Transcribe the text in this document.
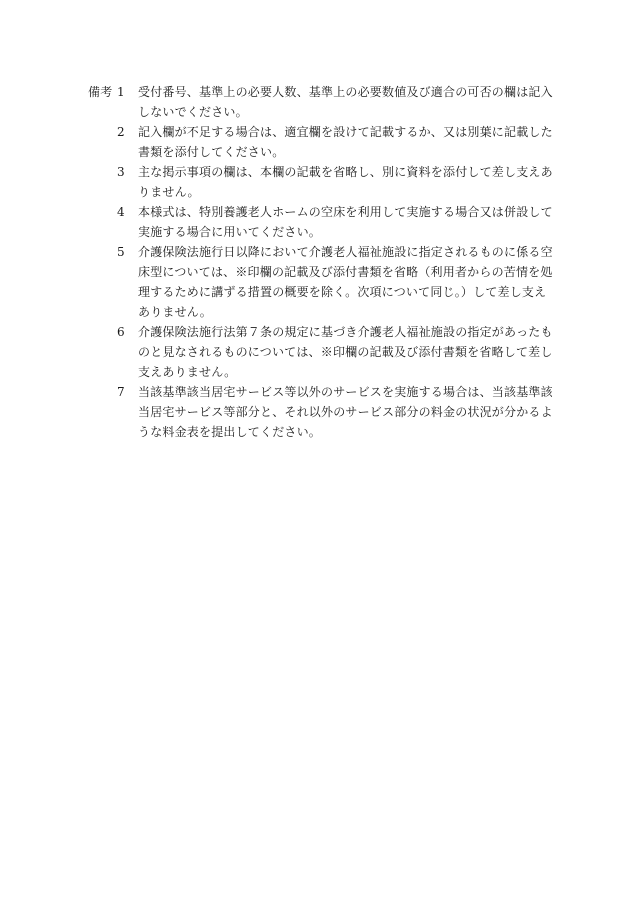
備考 1	受付番号、基準上の必要人数、基準上の必要数値及び適合の可否の欄は記入しないでください。
2	記入欄が不足する場合は、適宜欄を設けて記載するか、又は別葉に記載した書類を添付してください。
3	主な掲示事項の欄は、本欄の記載を省略し、別に資料を添付して差し支えありません。
4	本様式は、特別養護老人ホームの空床を利用して実施する場合又は併設して実施する場合に用いてください。
5	介護保険法施行日以降において介護老人福祉施設に指定されるものに係る空床型については、※印欄の記載及び添付書類を省略（利用者からの苦情を処理するために講ずる措置の概要を除く。次項について同じ。）して差し支えありません。
6	介護保険法施行法第７条の規定に基づき介護老人福祉施設の指定があったものと見なされるものについては、※印欄の記載及び添付書類を省略して差し支えありません。
7	当該基準該当居宅サービス等以外のサービスを実施する場合は、当該基準該当居宅サービス等部分と、それ以外のサービス部分の料金の状況が分かるような料金表を提出してください。
